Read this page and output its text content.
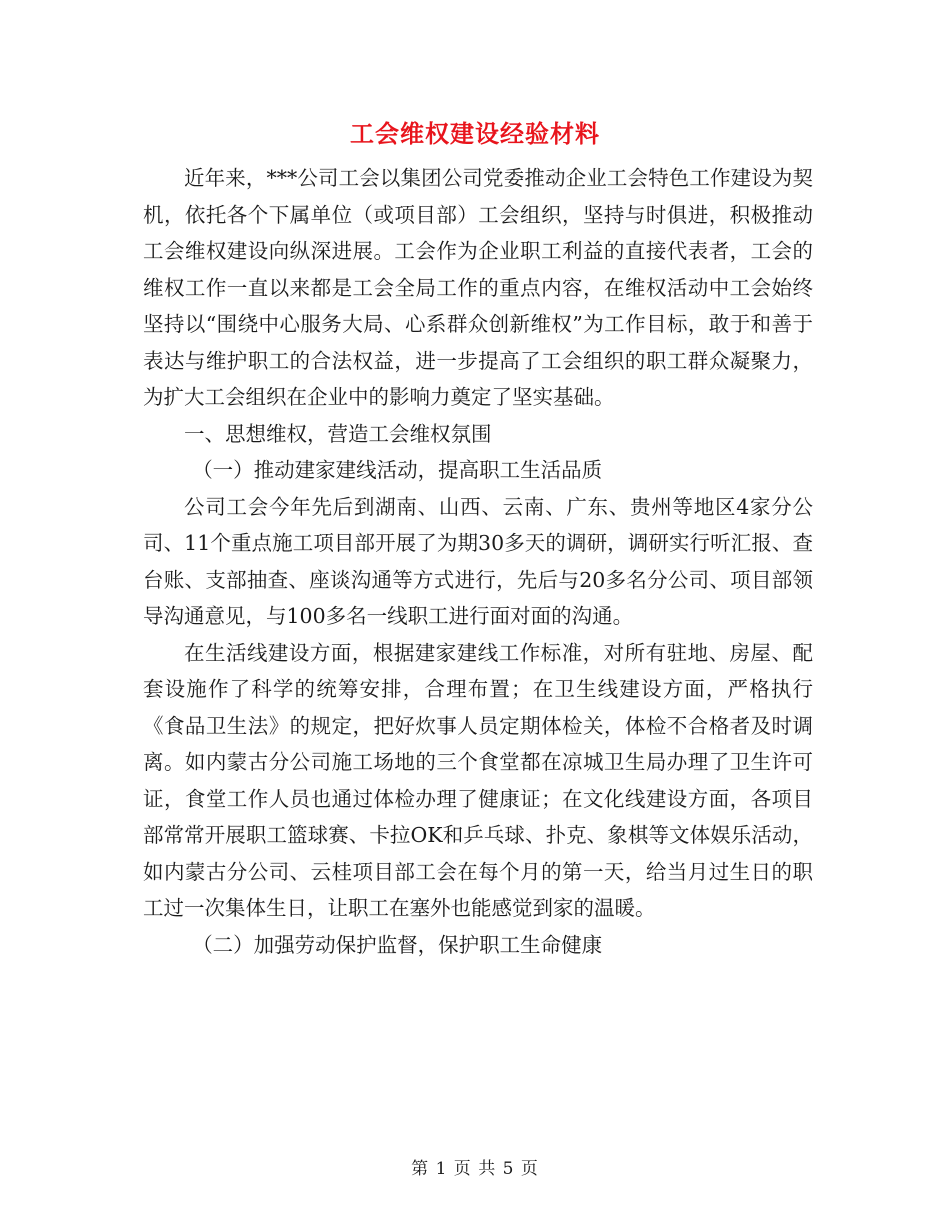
工会维权建设经验材料

近年来，***公司工会以集团公司党委推动企业工会特色工作建设为契机，依托各个下属单位（或项目部）工会组织，坚持与时俱进，积极推动工会维权建设向纵深进展。工会作为企业职工利益的直接代表者，工会的维权工作一直以来都是工会全局工作的重点内容，在维权活动中工会始终坚持以“围绕中心服务大局、心系群众创新维权”为工作目标，敢于和善于表达与维护职工的合法权益，进一步提高了工会组织的职工群众凝聚力，为扩大工会组织在企业中的影响力奠定了坚实基础。

一、思想维权，营造工会维权氛围

（一）推动建家建线活动，提高职工生活品质

公司工会今年先后到湖南、山西、云南、广东、贵州等地区4家分公司、11个重点施工项目部开展了为期30多天的调研，调研实行听汇报、查台账、支部抽查、座谈沟通等方式进行，先后与20多名分公司、项目部领导沟通意见，与100多名一线职工进行面对面的沟通。

在生活线建设方面，根据建家建线工作标准，对所有驻地、房屋、配套设施作了科学的统筹安排，合理布置；在卫生线建设方面，严格执行《食品卫生法》的规定，把好炊事人员定期体检关，体检不合格者及时调离。如内蒙古分公司施工场地的三个食堂都在凉城卫生局办理了卫生许可证，食堂工作人员也通过体检办理了健康证；在文化线建设方面，各项目部常常开展职工篮球赛、卡拉OK和乒乓球、扑克、象棋等文体娱乐活动，如内蒙古分公司、云桂项目部工会在每个月的第一天，给当月过生日的职工过一次集体生日，让职工在塞外也能感觉到家的温暖。

（二）加强劳动保护监督，保护职工生命健康

第 1 页 共 5 页
